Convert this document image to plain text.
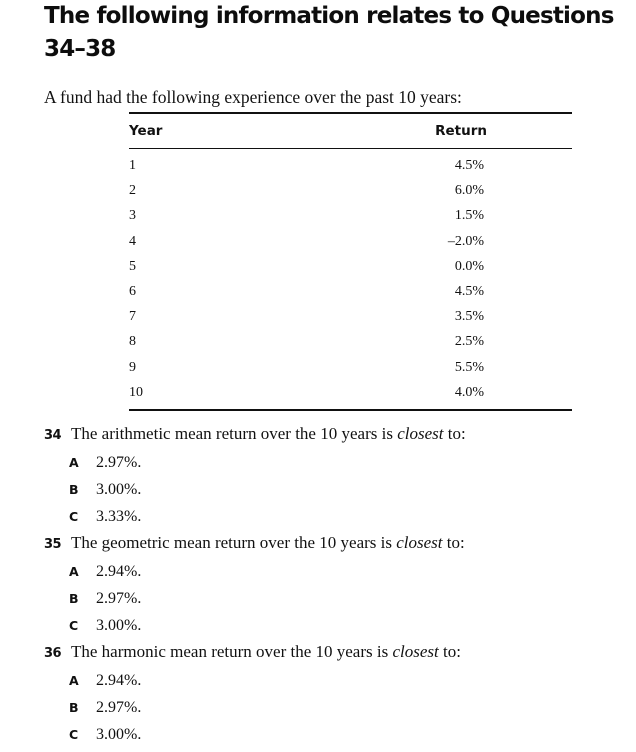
The following information relates to Questions
34–38
A fund had the following experience over the past 10 years:
Year	Return
1	4.5%
2	6.0%
3	1.5%
4	–2.0%
5	0.0%
6	4.5%
7	3.5%
8	2.5%
9	5.5%
10	4.0%
34 The arithmetic mean return over the 10 years is closest to:
A 2.97%.
B 3.00%.
C 3.33%.
35 The geometric mean return over the 10 years is closest to:
A 2.94%.
B 2.97%.
C 3.00%.
36 The harmonic mean return over the 10 years is closest to:
A 2.94%.
B 2.97%.
C 3.00%.
